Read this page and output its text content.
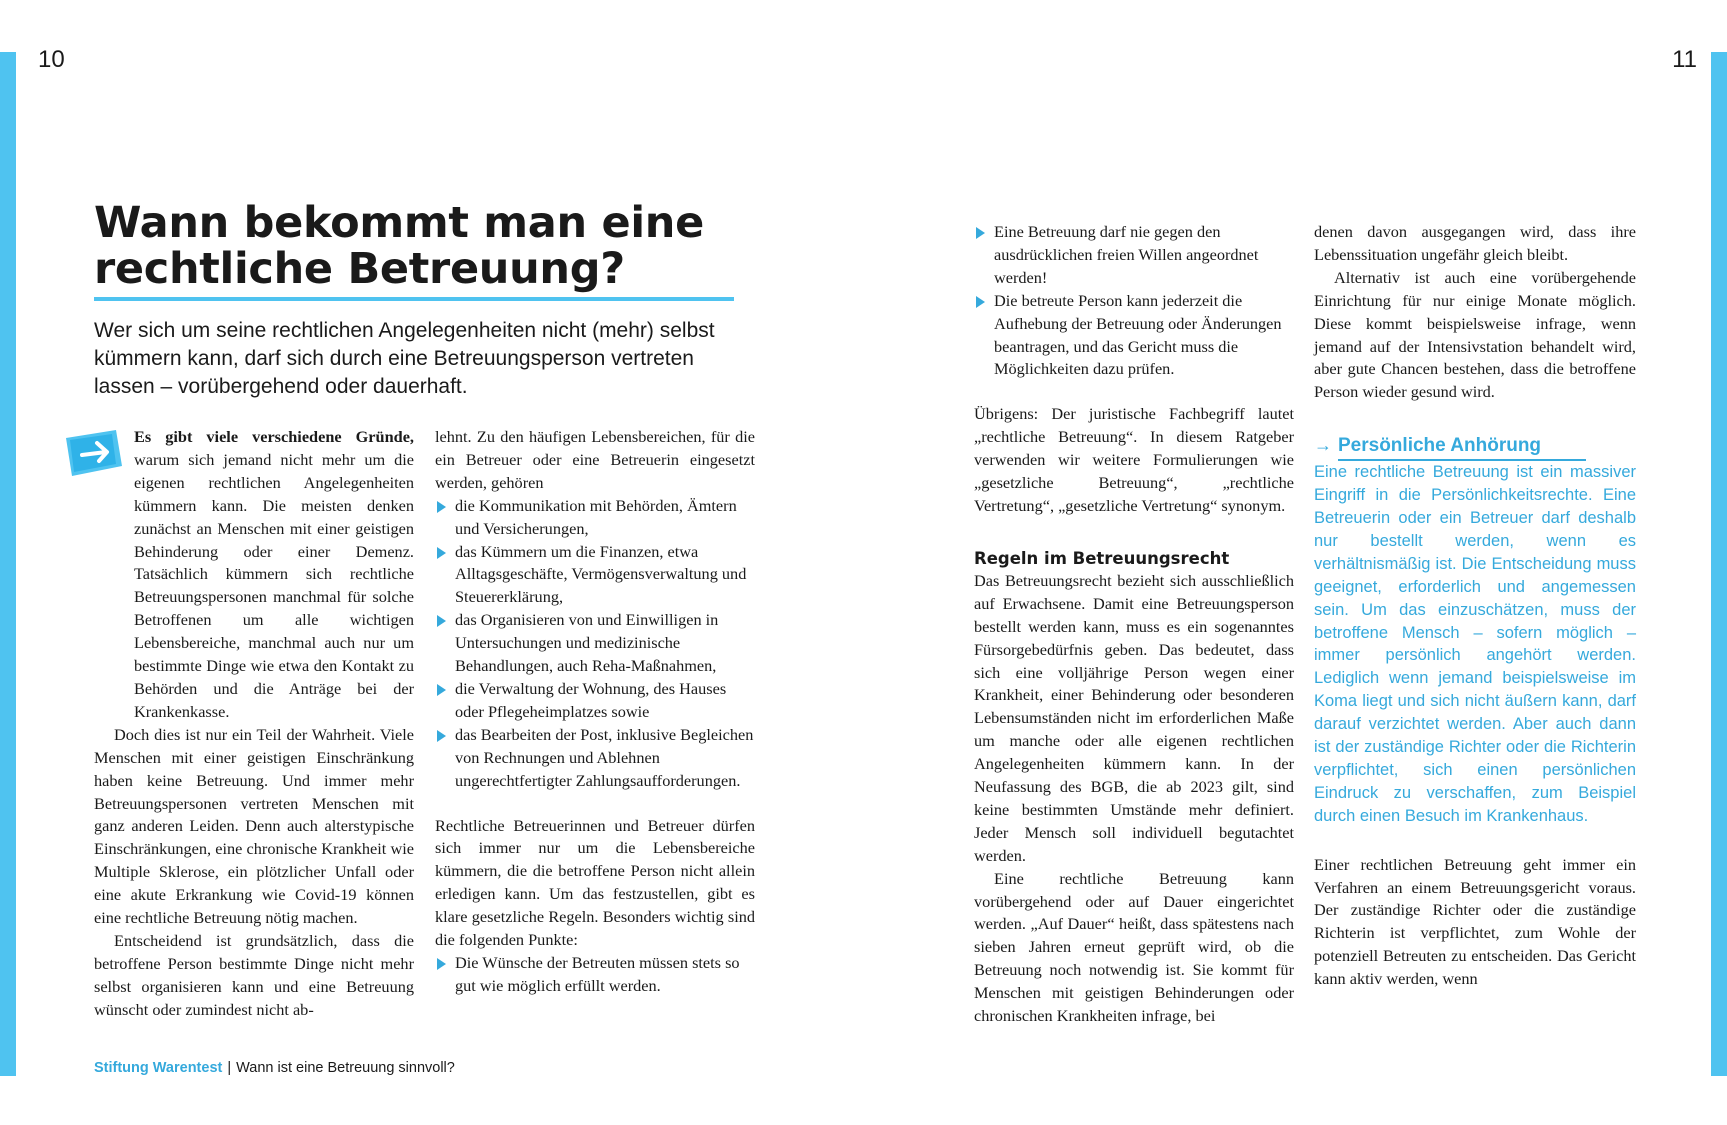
10	11
Wann bekommt man eine rechtliche Betreuung?

Wer sich um seine rechtlichen Angelegenheiten nicht (mehr) selbst kümmern kann, darf sich durch eine Betreuungsperson vertreten lassen – vorübergehend oder dauerhaft.

Es gibt viele verschiedene Gründe, warum sich jemand nicht mehr um die eigenen rechtlichen Angelegenheiten kümmern kann. Die meisten denken zunächst an Menschen mit einer geistigen Behinderung oder einer Demenz. Tatsächlich kümmern sich rechtliche Betreuungspersonen manchmal für solche Betroffenen um alle wichtigen Lebensbereiche, manchmal auch nur um bestimmte Dinge wie etwa den Kontakt zu Behörden und die Anträge bei der Krankenkasse.

Doch dies ist nur ein Teil der Wahrheit. Viele Menschen mit einer geistigen Einschränkung haben keine Betreuung. Und immer mehr Betreuungspersonen vertreten Menschen mit ganz anderen Leiden. Denn auch alterstypische Einschränkungen, eine chronische Krankheit wie Multiple Sklerose, ein plötzlicher Unfall oder eine akute Erkrankung wie Covid-19 können eine rechtliche Betreuung nötig machen.

Entscheidend ist grundsätzlich, dass die betroffene Person bestimmte Dinge nicht mehr selbst organisieren kann und eine Betreuung wünscht oder zumindest nicht ab-

lehnt. Zu den häufigen Lebensbereichen, für die ein Betreuer oder eine Betreuerin eingesetzt werden, gehören

die Kommunikation mit Behörden, Ämtern und Versicherungen,
das Kümmern um die Finanzen, etwa Alltagsgeschäfte, Vermögensverwaltung und Steuererklärung,
das Organisieren von und Einwilligen in Untersuchungen und medizinische Behandlungen, auch Reha-Maßnahmen,
die Verwaltung der Wohnung, des Hauses oder Pflegeheimplatzes sowie
das Bearbeiten der Post, inklusive Begleichen von Rechnungen und Ablehnen ungerechtfertigter Zahlungsaufforderungen.

Rechtliche Betreuerinnen und Betreuer dürfen sich immer nur um die Lebensbereiche kümmern, die die betroffene Person nicht allein erledigen kann. Um das festzustellen, gibt es klare gesetzliche Regeln. Besonders wichtig sind die folgenden Punkte:

Die Wünsche der Betreuten müssen stets so gut wie möglich erfüllt werden.
Eine Betreuung darf nie gegen den ausdrücklichen freien Willen angeordnet werden!
Die betreute Person kann jederzeit die Aufhebung der Betreuung oder Änderungen beantragen, und das Gericht muss die Möglichkeiten dazu prüfen.

Übrigens: Der juristische Fachbegriff lautet „rechtliche Betreuung“. In diesem Ratgeber verwenden wir weitere Formulierungen wie „gesetzliche Betreuung“, „rechtliche Vertretung“, „gesetzliche Vertretung“ synonym.

Regeln im Betreuungsrecht

Das Betreuungsrecht bezieht sich ausschließlich auf Erwachsene. Damit eine Betreuungsperson bestellt werden kann, muss es ein sogenanntes Fürsorgebedürfnis geben. Das bedeutet, dass sich eine volljährige Person wegen einer Krankheit, einer Behinderung oder besonderen Lebensumständen nicht im erforderlichen Maße um manche oder alle eigenen rechtlichen Angelegenheiten kümmern kann. In der Neufassung des BGB, die ab 2023 gilt, sind keine bestimmten Umstände mehr definiert. Jeder Mensch soll individuell begutachtet werden.

Eine rechtliche Betreuung kann vorübergehend oder auf Dauer eingerichtet werden. „Auf Dauer“ heißt, dass spätestens nach sieben Jahren erneut geprüft wird, ob die Betreuung noch notwendig ist. Sie kommt für Menschen mit geistigen Behinderungen oder chronischen Krankheiten infrage, bei

denen davon ausgegangen wird, dass ihre Lebenssituation ungefähr gleich bleibt.

Alternativ ist auch eine vorübergehende Einrichtung für nur einige Monate möglich. Diese kommt beispielsweise infrage, wenn jemand auf der Intensivstation behandelt wird, aber gute Chancen bestehen, dass die betroffene Person wieder gesund wird.

→ Persönliche Anhörung

Eine rechtliche Betreuung ist ein massiver Eingriff in die Persönlichkeitsrechte. Eine Betreuerin oder ein Betreuer darf deshalb nur bestellt werden, wenn es verhältnismäßig ist. Die Entscheidung muss geeignet, erforderlich und angemessen sein. Um das einzuschätzen, muss der betroffene Mensch – sofern möglich – immer persönlich angehört werden. Lediglich wenn jemand beispielsweise im Koma liegt und sich nicht äußern kann, darf darauf verzichtet werden. Aber auch dann ist der zuständige Richter oder die Richterin verpflichtet, sich einen persönlichen Eindruck zu verschaffen, zum Beispiel durch einen Besuch im Krankenhaus.

Einer rechtlichen Betreuung geht immer ein Verfahren an einem Betreuungsgericht voraus. Der zuständige Richter oder die zuständige Richterin ist verpflichtet, zum Wohle der potenziell Betreuten zu entscheiden. Das Gericht kann aktiv werden, wenn

Stiftung Warentest | Wann ist eine Betreuung sinnvoll?
